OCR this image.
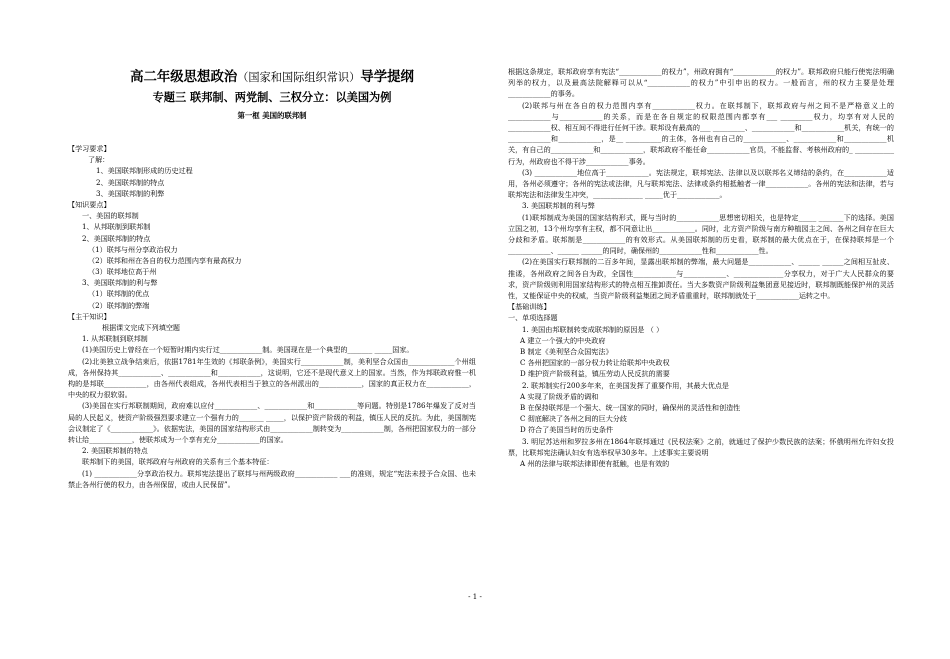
高二年级思想政治（国家和国际组织常识）导学提纲
专题三 联邦制、两党制、三权分立：以美国为例
第一框 美国的联邦制

【学习要求】

了解：

1、美国联邦制形成的历史过程

2、美国联邦制的特点

3、美国联邦制的利弊

【知识要点】

一、美国的联邦制

1、从邦联制到联邦制

2、美国联邦制的特点

（1）联邦与州分享政治权力

（2）联邦和州在各自的权力范围内享有最高权力

（3）联邦地位高于州

3、美国联邦制的利与弊

（1）联邦制的优点

（2）联邦制的弊端

【主干知识】

根据课文完成下列填空题

1. 从邦联制到联邦制

(1)美国历史上曾经在一个短暂时期内实行过____________制。美国现在是一个典型的_______ _____国家。

(2)北美独立战争结束后，依据1781年生效的《邦联条例》，美国实行____________制，美利坚合众国由_____________个州组成，各州保持其____________、____________和____________，这说明，它还不是现代意义上的国家。当然，作为邦联政府惟一机构的是邦联____________，由各州代表组成，各州代表相当于独立的各州派出的____________，国家的真正权力在____________，中央的权力很软弱。

(3)美国在实行邦联制期间，政府难以应付____________、____________和____________等问题。特别是1786年爆发了反对当局的人民起义，使资产阶级强烈要求建立一个强有力的_______ _____，以保护资产阶级的利益，镇压人民的反抗。为此，美国制宪会议制定了《____________》。依据宪法，美国的国家结构形式由____________制转变为____________制，各州把国家权力的一部分转让给____________，使联邦成为一个享有充分____________的国家。

2. 美国联邦制的特点

联邦制下的美国，联邦政府与州政府的关系有三个基本特征：

(1) ____________分享政治权力。联邦宪法提出了联邦与州两级政府____________ ___的准则，规定“宪法未授予合众国、也未禁止各州行使的权力，由各州保留，或由人民保留”。

根据这条规定，联邦政府享有宪法“____________的权力”，州政府拥有“____________的权力”。联邦政府只能行使宪法明确列举的权力，以及最高法院解释可以从“____________的权力”中引申出的权力。一般而言，州的权力主要是处理____________的事务。

(2)联邦与州在各自的权力范围内享有____________权力。在联邦制下，联邦政府与州之间不是严格意义上的____________与____________的关系，而是在各自规定的权限范围内都享有___ _________权力，均享有对人民的____________权、相互间不得进行任何干涉。联邦设有最高的___ _________、____________和____________机关，有统一的____________和____________，是__ __________的主体，各州也有自己的____________、____________和____________机关，有自己的____________和____________，联邦政府不能任命____________官员，不能监督、考核州政府的_ ___________行为，州政府也不得干涉____________事务。

(3) ____________地位高于____________。宪法规定，联邦宪法、法律以及以联邦名义缔结的条约，在____________适用，各州必须遵守；各州的宪法或法律，凡与联邦宪法、法律或条约相抵触者一律____________。各州的宪法和法律，若与联邦宪法和法律发生冲突，______________ _____优于____________。

3. 美国联邦制的利与弊

(1)联邦制成为美国的国家结构形式，既与当时的____________思想密切相关，也是特定_____ _______下的选择。美国立国之初，13个州均享有主权，都不同意让出____________。同时，北方资产阶级与南方种植园主之间、各州之间存在巨大分歧和矛盾。联邦制是____________的有效形式。从美国联邦制的历史看，联邦制的最大优点在于，在保持联邦是一个____________、______ ______的同时，确保州的____________性和____________性。

(2)在美国实行联邦制的二百多年间，显露出联邦制的弊端，最大问题是____________、______ ______之间相互扯皮、推诿，各州政府之间各自为政，全国性____________与____________、______________分享权力，对于广大人民群众的要求，资产阶级则利用国家结构形式的特点相互推卸责任。当大多数资产阶级利益集团意见接近时，联邦制既能保护州的灵活性，又能保证中央的权威，当资产阶级利益集团之间矛盾重重时，联邦制就处于____________运转之中。

【基础训练】

一、单项选择题

1. 美国由邦联制转变成联邦制的原因是 （ ）

A 建立一个强大的中央政府

B 制定《美利坚合众国宪法》

C 各州把国家的一部分权力转让给联邦中央政权

D 维护资产阶级利益，镇压劳动人民反抗的需要

2. 联邦制实行200多年来，在美国发挥了重要作用，其最大优点是

A 实现了阶级矛盾的调和

B 在保持联邦是一个强大、统一国家的同时，确保州的灵活性和创造性

C 彻底解决了各州之间的巨大分歧

D 符合了美国当时的历史条件

3. 明尼苏达州和罗拉多州在1864年联邦通过《民权法案》之前，就通过了保护少数民族的法案；怀俄明州允许妇女投票，比联邦宪法确认妇女有选举权早30多年。上述事实主要说明

A 州的法律与联邦法律即使有抵触，也是有效的

- 1 -
